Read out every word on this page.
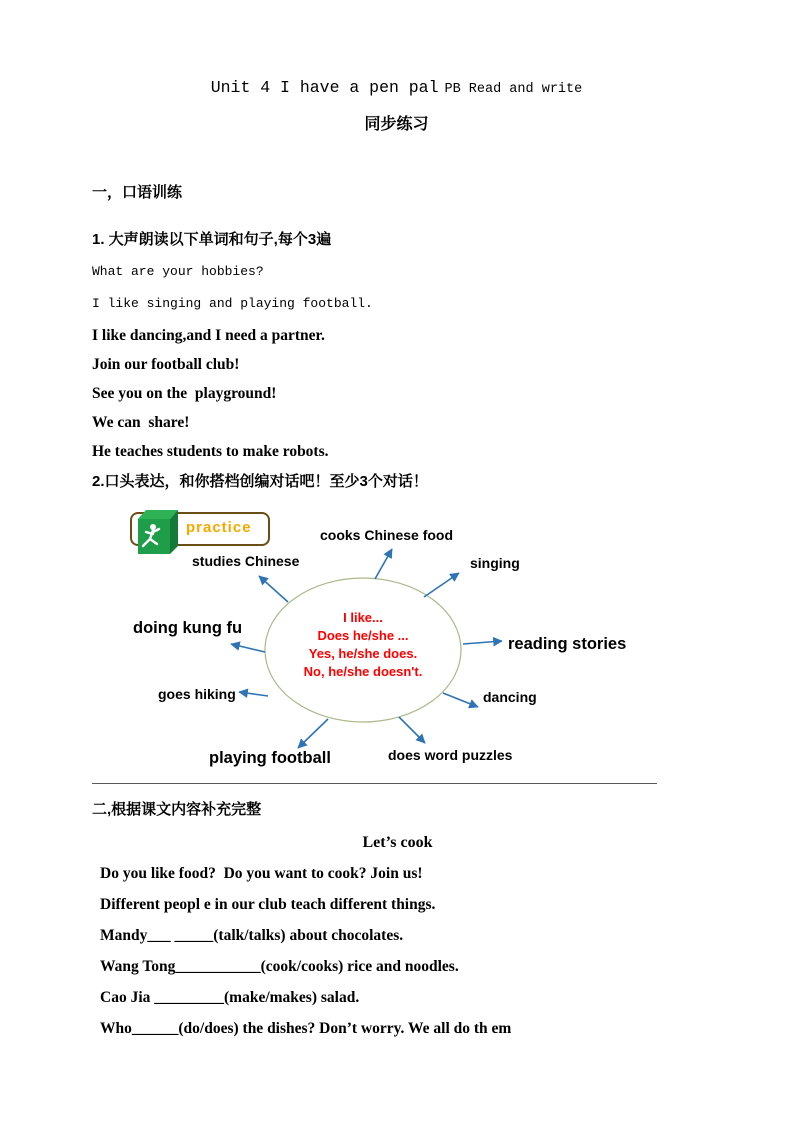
Unit 4 I have a pen pal PB Read and write
同步练习

一，口语训练

1. 大声朗读以下单词和句子,每个3遍

What are your hobbies?

I like singing and playing football.

I like dancing,and I need a partner.

Join our football club!

See you on the  playground!

We can  share!

He teaches students to make robots.

2.口头表达，和你搭档创编对话吧！至少3个对话！

practice	cooks Chinese food
studies Chinese	singing
doing kung fu
reading stories
goes hiking	dancing
playing football	does word puzzles
I like...
Does he/she ...
Yes, he/she does.
No, he/she doesn't.

二,根据课文内容补充完整

Let’s cook

Do you like food?  Do you want to cook? Join us!

Different peopl e in our club teach different things.

Mandy___ _____(talk/talks) about chocolates.

Wang Tong___________(cook/cooks) rice and noodles.

Cao Jia _________(make/makes) salad.

Who______(do/does) the dishes? Don’t worry. We all do th em
